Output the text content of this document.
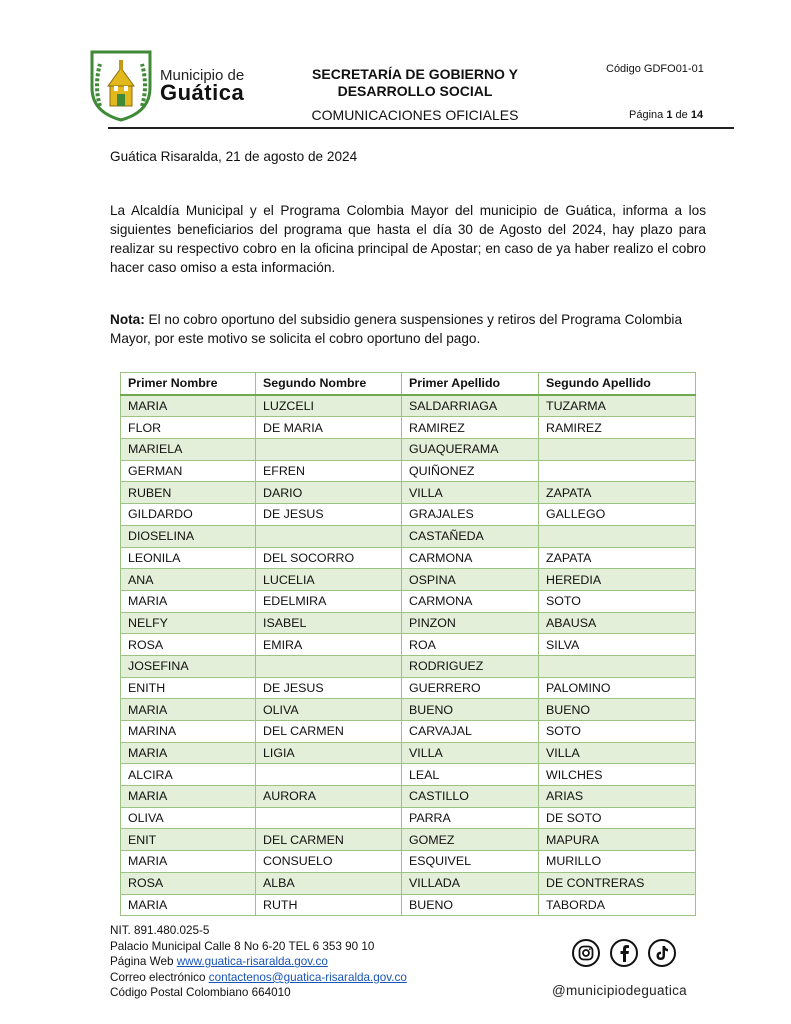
Municipio de
Guática
SECRETARÍA DE GOBIERNO Y DESARROLLO SOCIAL
COMUNICACIONES OFICIALES
Código GDFO01-01
Página 1 de 14
Guática Risaralda, 21 de agosto de 2024
La Alcaldía Municipal y el Programa Colombia Mayor del municipio de Guática, informa a los siguientes beneficiarios del programa que hasta el día 30 de Agosto del 2024, hay plazo para realizar su respectivo cobro en la oficina principal de Apostar; en caso de ya haber realizo el cobro hacer caso omiso a esta información.
Nota: El no cobro oportuno del subsidio genera suspensiones y retiros del Programa Colombia Mayor, por este motivo se solicita el cobro oportuno del pago.
Primer Nombre	Segundo Nombre	Primer Apellido	Segundo Apellido
MARIA	LUZCELI	SALDARRIAGA	TUZARMA
FLOR	DE MARIA	RAMIREZ	RAMIREZ
MARIELA		GUAQUERAMA	
GERMAN	EFREN	QUIÑONEZ	
RUBEN	DARIO	VILLA	ZAPATA
GILDARDO	DE JESUS	GRAJALES	GALLEGO
DIOSELINA		CASTAÑEDA	
LEONILA	DEL SOCORRO	CARMONA	ZAPATA
ANA	LUCELIA	OSPINA	HEREDIA
MARIA	EDELMIRA	CARMONA	SOTO
NELFY	ISABEL	PINZON	ABAUSA
ROSA	EMIRA	ROA	SILVA
JOSEFINA		RODRIGUEZ	
ENITH	DE JESUS	GUERRERO	PALOMINO
MARIA	OLIVA	BUENO	BUENO
MARINA	DEL CARMEN	CARVAJAL	SOTO
MARIA	LIGIA	VILLA	VILLA
ALCIRA		LEAL	WILCHES
MARIA	AURORA	CASTILLO	ARIAS
OLIVA		PARRA	DE SOTO
ENIT	DEL CARMEN	GOMEZ	MAPURA
MARIA	CONSUELO	ESQUIVEL	MURILLO
ROSA	ALBA	VILLADA	DE CONTRERAS
MARIA	RUTH	BUENO	TABORDA
NIT. 891.480.025-5
Palacio Municipal Calle 8 No 6-20 TEL 6 353 90 10
Página Web www.guatica-risaralda.gov.co
Correo electrónico contactenos@guatica-risaralda.gov.co
Código Postal Colombiano 664010	@municipiodeguatica
